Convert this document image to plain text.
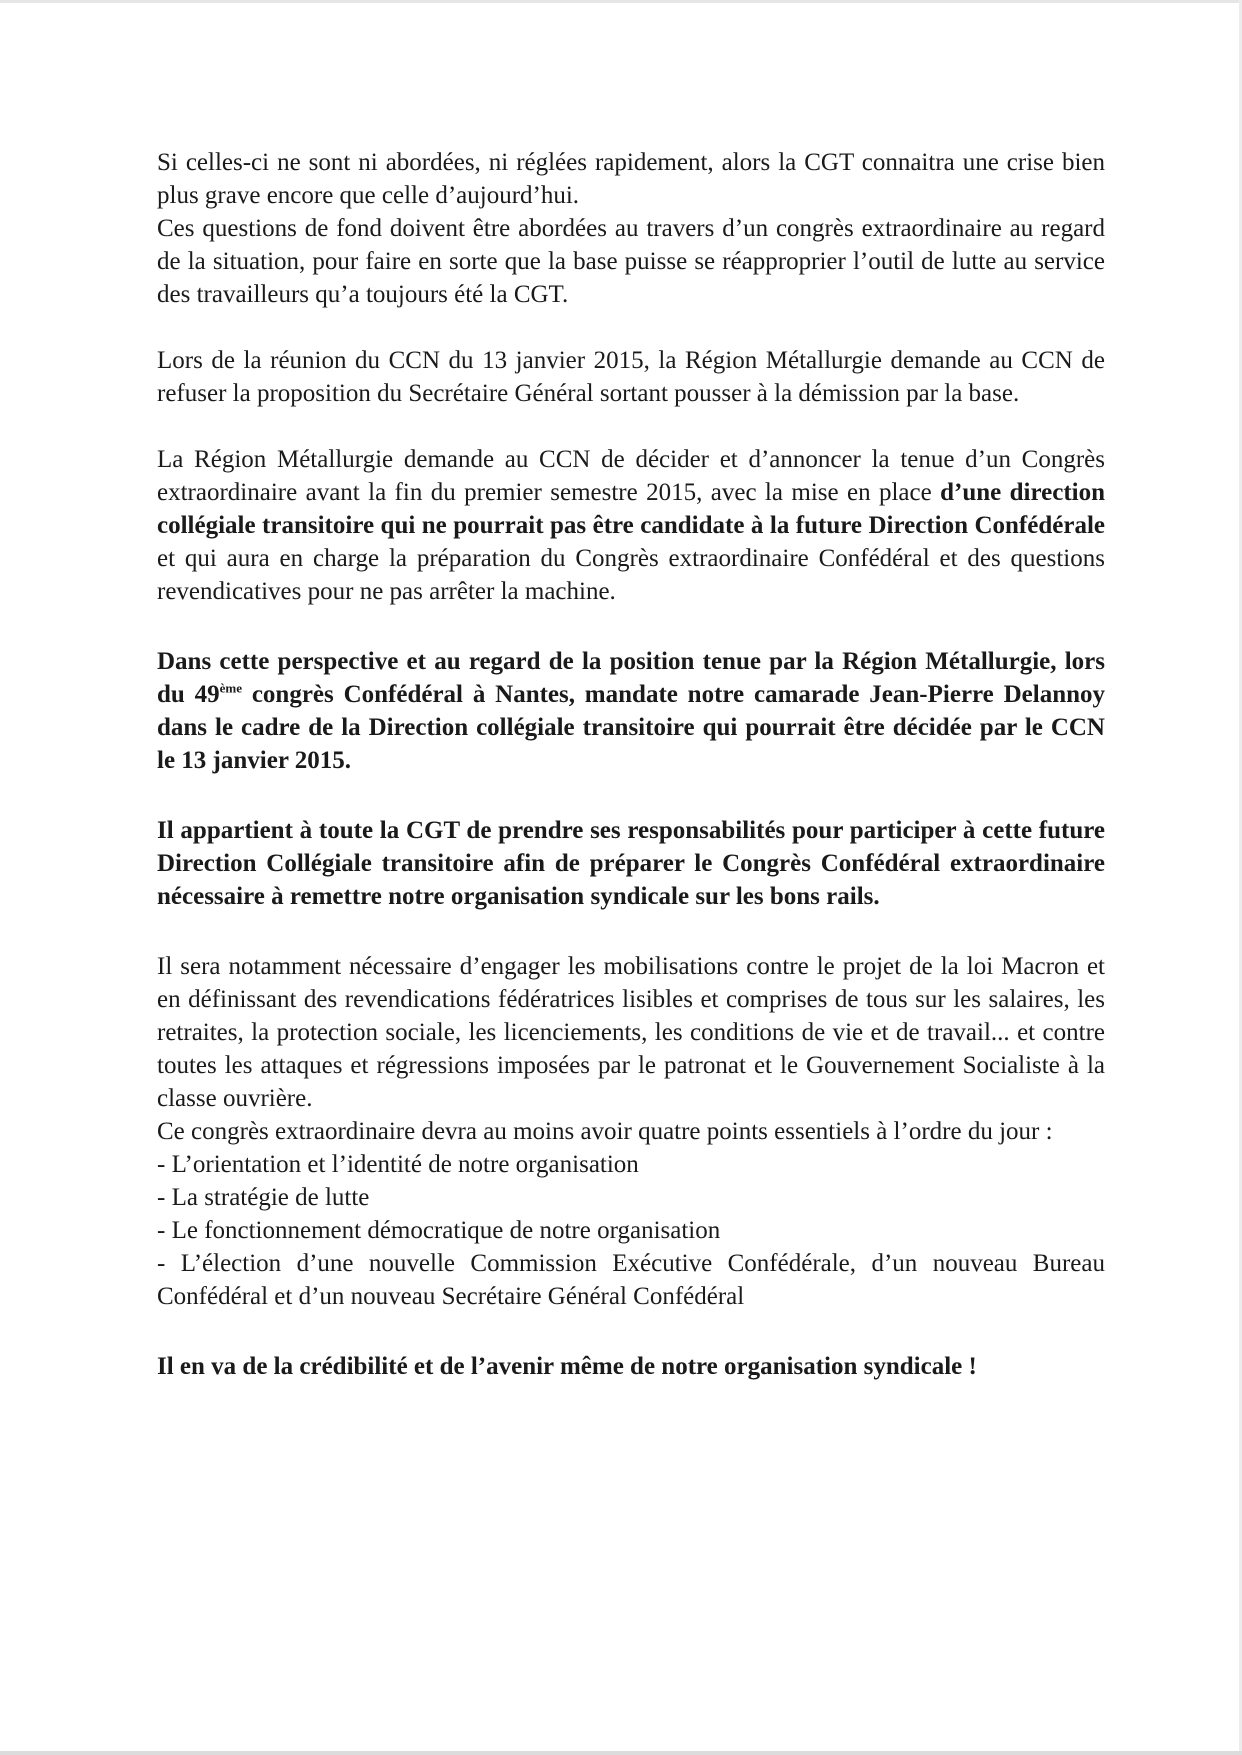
Si celles-ci ne sont ni abordées, ni réglées rapidement, alors la CGT connaitra une crise bien plus grave encore que celle d’aujourd’hui.

Ces questions de fond doivent être abordées au travers d’un congrès extraordinaire au regard de la situation, pour faire en sorte que la base puisse se réapproprier l’outil de lutte au service des travailleurs qu’a toujours été la CGT.

Lors de la réunion du CCN du 13 janvier 2015, la Région Métallurgie demande au CCN de refuser la proposition du Secrétaire Général sortant pousser à la démission par la base.

La Région Métallurgie demande au CCN de décider et d’annoncer la tenue d’un Congrès extraordinaire avant la fin du premier semestre 2015, avec la mise en place d’une direction collégiale transitoire qui ne pourrait pas être candidate à la future Direction Confédérale et qui aura en charge la préparation du Congrès extraordinaire Confédéral et des questions revendicatives pour ne pas arrêter la machine.

Dans cette perspective et au regard de la position tenue par la Région Métallurgie, lors du 49ème congrès Confédéral à Nantes, mandate notre camarade Jean-Pierre Delannoy dans le cadre de la Direction collégiale transitoire qui pourrait être décidée par le CCN le 13 janvier 2015.

Il appartient à toute la CGT de prendre ses responsabilités pour participer à cette future Direction Collégiale transitoire afin de préparer le Congrès Confédéral extraordinaire nécessaire à remettre notre organisation syndicale sur les bons rails.

Il sera notamment nécessaire d’engager les mobilisations contre le projet de la loi Macron et en définissant des revendications fédératrices lisibles et comprises de tous sur les salaires, les retraites, la protection sociale, les licenciements, les conditions de vie et de travail... et contre toutes les attaques et régressions imposées par le patronat et le Gouvernement Socialiste à la classe ouvrière.

Ce congrès extraordinaire devra au moins avoir quatre points essentiels à l’ordre du jour :

- L’orientation et l’identité de notre organisation

- La stratégie de lutte

- Le fonctionnement démocratique de notre organisation

- L’élection d’une nouvelle Commission Exécutive Confédérale, d’un nouveau Bureau Confédéral et d’un nouveau Secrétaire Général Confédéral

Il en va de la crédibilité et de l’avenir même de notre organisation syndicale !
